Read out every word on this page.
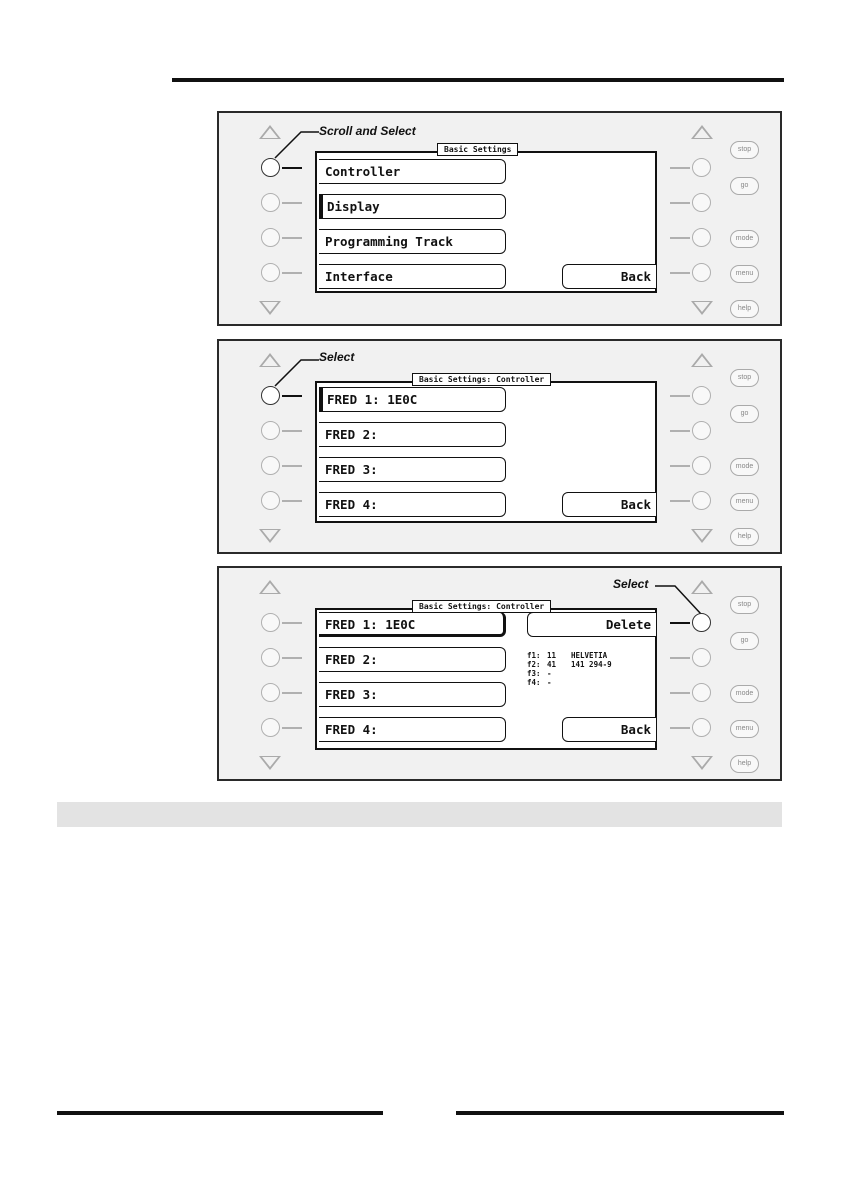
Scroll and Select
stop
go
mode
menu
help
Basic Settings
Controller
Display
Programming Track
Interface	Back
Select
stop
go
mode
menu
help
Basic Settings: Controller
FRED 1: 1E0C
FRED 2:
FRED 3:
FRED 4:	Back
Select
stop
go
mode
menu
help
Basic Settings: Controller
FRED 1: 1E0C
FRED 2:
FRED 3:
FRED 4:
Delete
Back
f1: 11 HELVETIA
f2: 41 141 294-9
f3: -
f4: -
